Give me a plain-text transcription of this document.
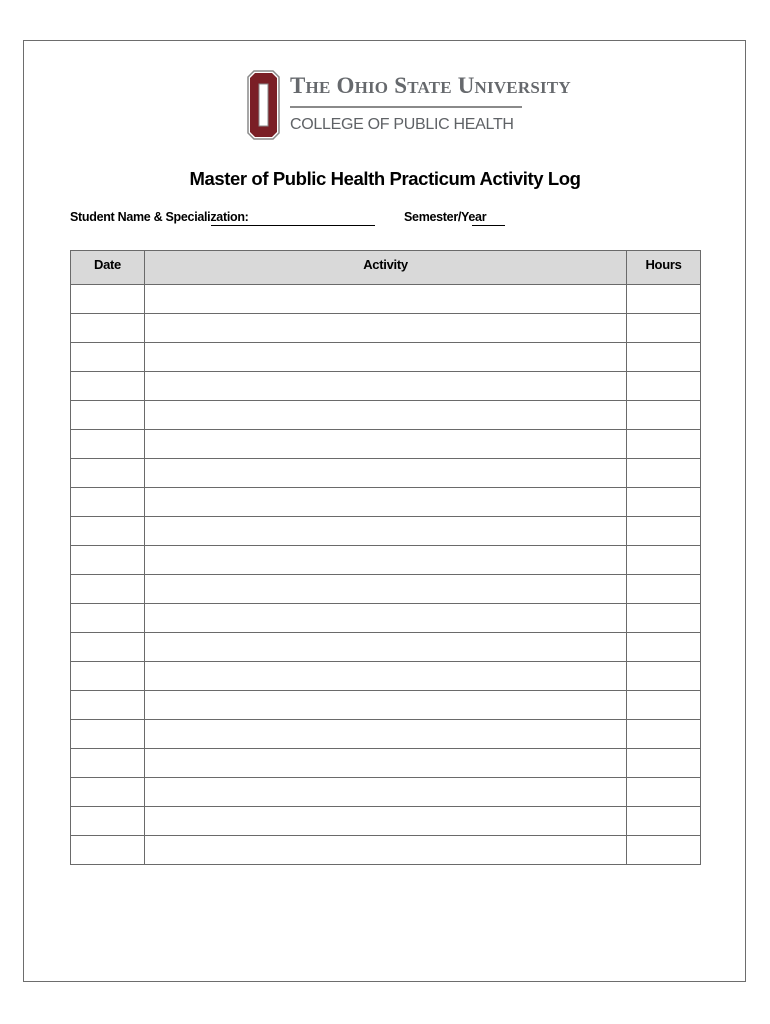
THE OHIO STATE UNIVERSITY
COLLEGE OF PUBLIC HEALTH
Master of Public Health Practicum Activity Log
Student Name & Specialization:	Semester/Year
Date	Activity	Hours
